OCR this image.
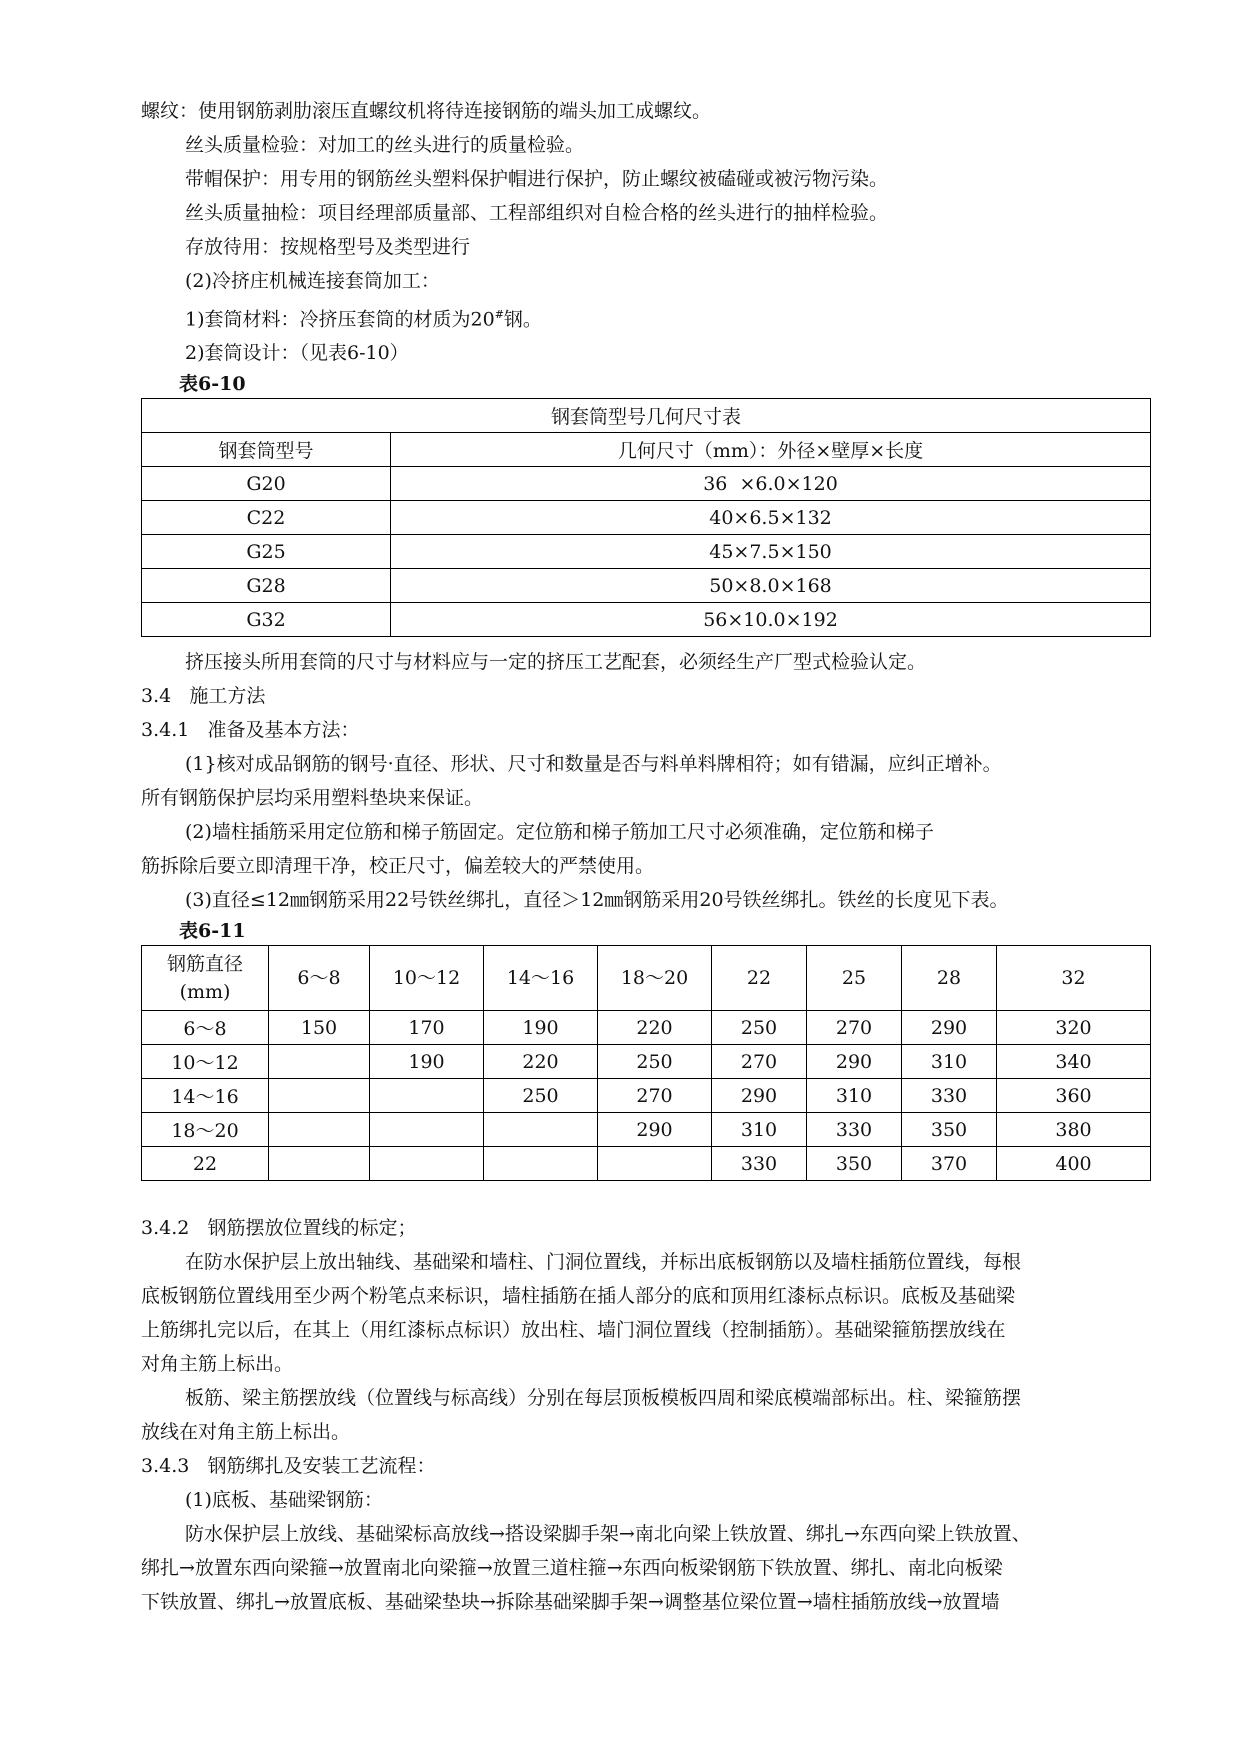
螺纹：使用钢筋剥肋滚压直螺纹机将待连接钢筋的端头加工成螺纹。

丝头质量检验：对加工的丝头进行的质量检验。

带帽保护：用专用的钢筋丝头塑料保护帽进行保护，防止螺纹被磕碰或被污物污染。

丝头质量抽检：项目经理部质量部、工程部组织对自检合格的丝头进行的抽样检验。

存放待用：按规格型号及类型进行

(2)冷挤庄机械连接套筒加工：

1)套筒材料：冷挤压套筒的材质为20#钢。

2)套筒设计：（见表6-10）

表6-10

钢套筒型号几何尺寸表	
钢套筒型号	几何尺寸（mm）：外径×壁厚×长度
G20	36  ×6.0×120
C22	40×6.5×132
G25	45×7.5×150
G28	50×8.0×168
G32	56×10.0×192

挤压接头所用套筒的尺寸与材料应与一定的挤压工艺配套，必须经生产厂型式检验认定。

3.4   施工方法

3.4.1   准备及基本方法：

(1}核对成品钢筋的钢号·直径、形状、尺寸和数量是否与料单料牌相符；如有错漏，应纠正增补。

所有钢筋保护层均采用塑料垫块来保证。

(2)墙柱插筋采用定位筋和梯子筋固定。定位筋和梯子筋加工尺寸必须准确，定位筋和梯子

筋拆除后要立即清理干净，校正尺寸，偏差较大的严禁使用。

(3)直径≤12㎜钢筋采用22号铁丝绑扎，直径＞12㎜钢筋采用20号铁丝绑扎。铁丝的长度见下表。

表6-11

钢筋直径
(mm)	6～8	10～12	14～16	18～20	22	25	28	32
6～8	150	170	190	220	250	270	290	320
10～12		190	220	250	270	290	310	340
14～16			250	270	290	310	330	360
18～20				290	310	330	350	380
22					330	350	370	400

3.4.2   钢筋摆放位置线的标定；

在防水保护层上放出轴线、基础梁和墙柱、门洞位置线，并标出底板钢筋以及墙柱插筋位置线，每根

底板钢筋位置线用至少两个粉笔点来标识，墙柱插筋在插人部分的底和顶用红漆标点标识。底板及基础梁

上筋绑扎完以后，在其上（用红漆标点标识）放出柱、墙门洞位置线（控制插筋）。基础梁箍筋摆放线在

对角主筋上标出。

板筋、梁主筋摆放线（位置线与标高线）分别在每层顶板模板四周和梁底模端部标出。柱、梁箍筋摆

放线在对角主筋上标出。

3.4.3   钢筋绑扎及安装工艺流程：

(1)底板、基础梁钢筋：

防水保护层上放线、基础梁标高放线→搭设梁脚手架→南北向梁上铁放置、绑扎→东西向梁上铁放置、

绑扎→放置东西向梁箍→放置南北向梁箍→放置三道柱箍→东西向板梁钢筋下铁放置、绑扎、南北向板梁

下铁放置、绑扎→放置底板、基础梁垫块→拆除基础梁脚手架→调整基位梁位置→墙柱插筋放线→放置墙
